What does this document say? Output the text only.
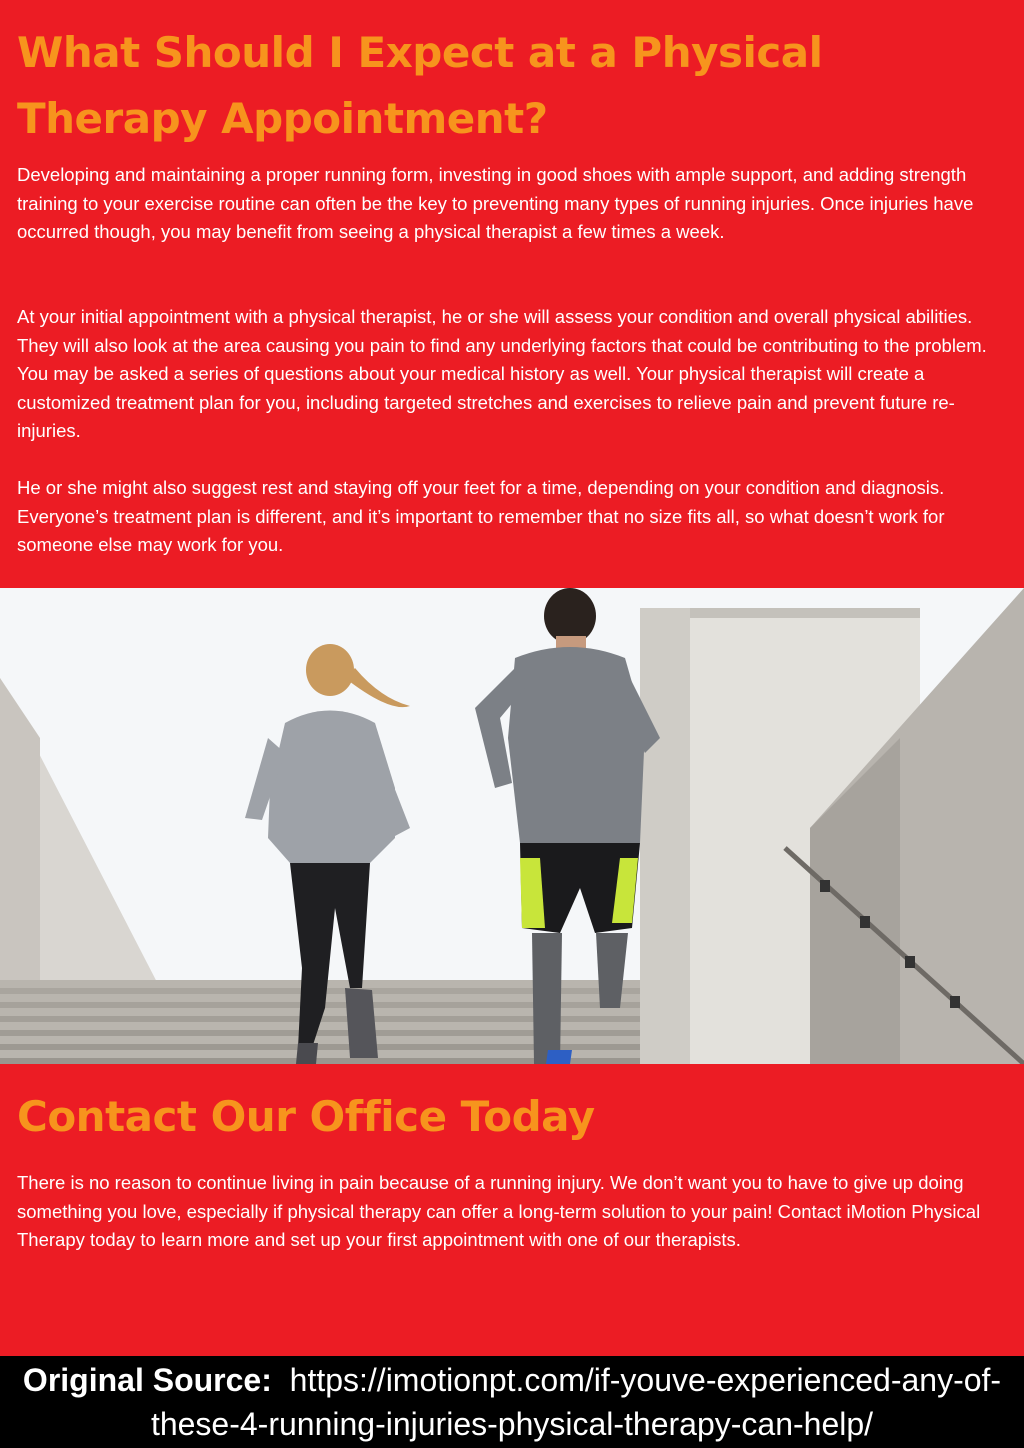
What Should I Expect at a Physical Therapy Appointment?

Developing and maintaining a proper running form, investing in good shoes with ample support, and adding strength training to your exercise routine can often be the key to preventing many types of running injuries. Once injuries have occurred though, you may benefit from seeing a physical therapist a few times a week.

At your initial appointment with a physical therapist, he or she will assess your condition and overall physical abilities. They will also look at the area causing you pain to find any underlying factors that could be contributing to the problem. You may be asked a series of questions about your medical history as well. Your physical therapist will create a customized treatment plan for you, including targeted stretches and exercises to relieve pain and prevent future re-injuries.

He or she might also suggest rest and staying off your feet for a time, depending on your condition and diagnosis. Everyone’s treatment plan is different, and it’s important to remember that no size fits all, so what doesn’t work for someone else may work for you.

Contact Our Office Today

There is no reason to continue living in pain because of a running injury. We don’t want you to have to give up doing something you love, especially if physical therapy can offer a long-term solution to your pain! Contact iMotion Physical Therapy today to learn more and set up your first appointment with one of our therapists.

Original Source: https://imotionpt.com/if-youve-experienced-any-of-these-4-running-injuries-physical-therapy-can-help/
